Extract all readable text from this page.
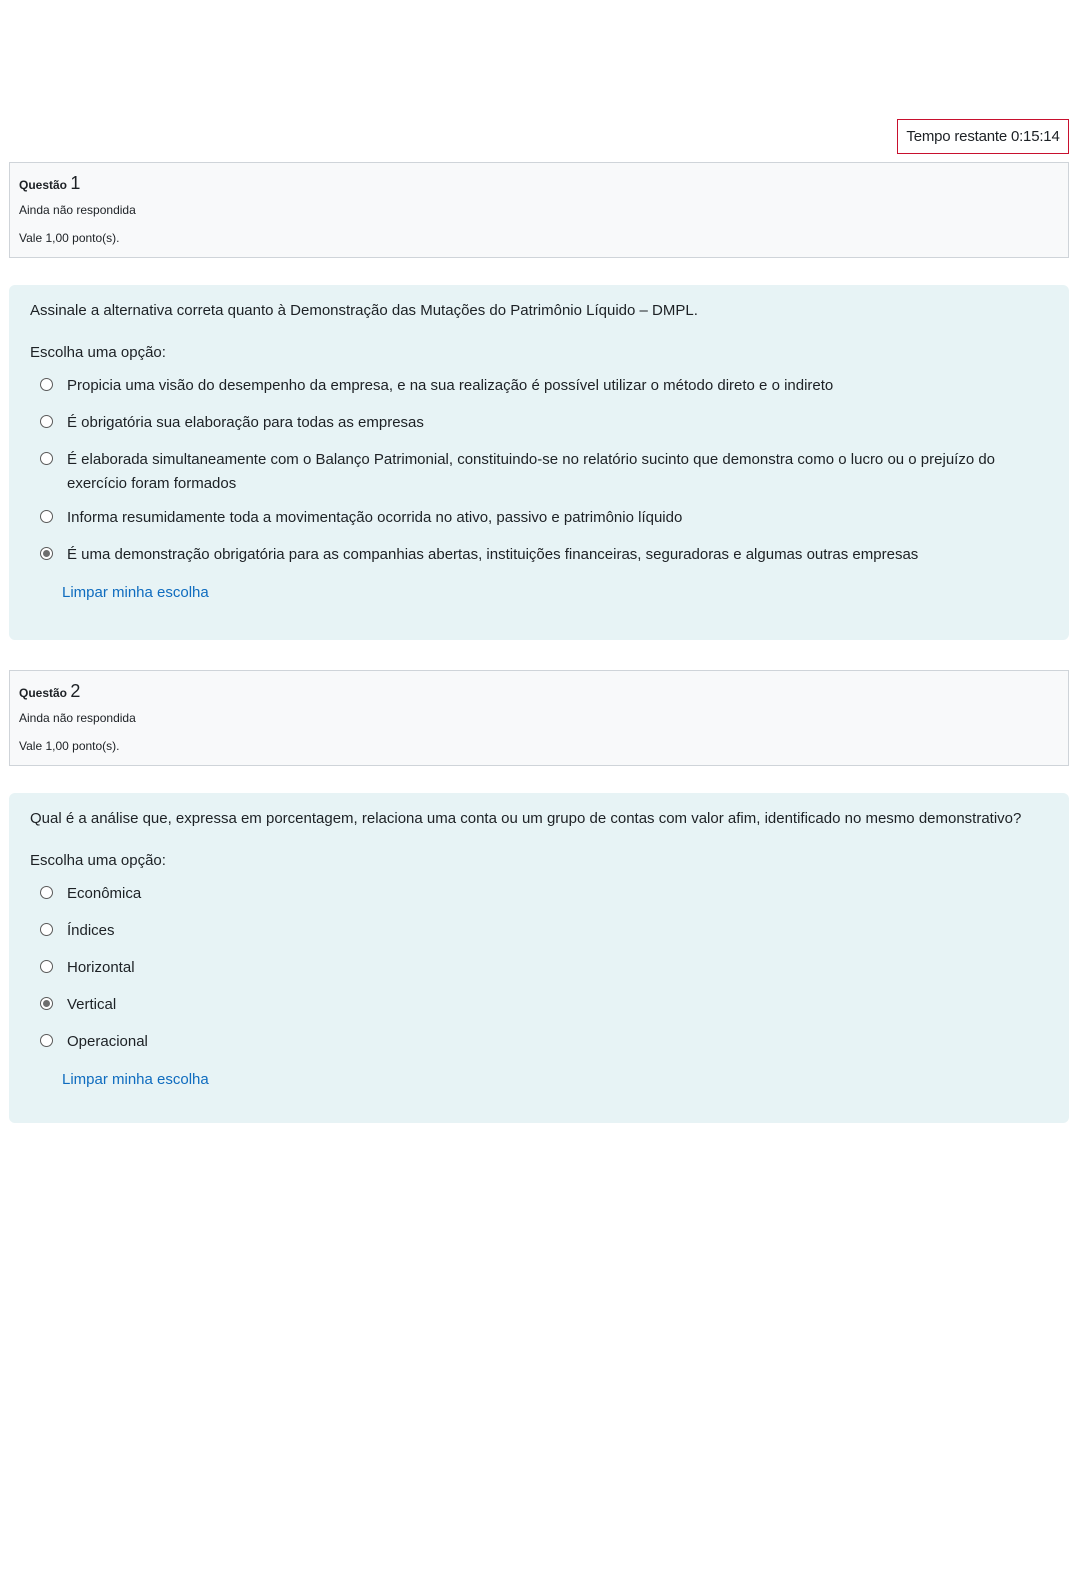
Tempo restante 0:15:14
Questão 1
Ainda não respondida
Vale 1,00 ponto(s).
Assinale a alternativa correta quanto à Demonstração das Mutações do Patrimônio Líquido – DMPL.
Escolha uma opção:
Propicia uma visão do desempenho da empresa, e na sua realização é possível utilizar o método direto e o indireto
É obrigatória sua elaboração para todas as empresas
É elaborada simultaneamente com o Balanço Patrimonial, constituindo-se no relatório sucinto que demonstra como o lucro ou o prejuízo do exercício foram formados
Informa resumidamente toda a movimentação ocorrida no ativo, passivo e patrimônio líquido
É uma demonstração obrigatória para as companhias abertas, instituições financeiras, seguradoras e algumas outras empresas
Limpar minha escolha
Questão 2
Ainda não respondida
Vale 1,00 ponto(s).
Qual é a análise que, expressa em porcentagem, relaciona uma conta ou um grupo de contas com valor afim, identificado no mesmo demonstrativo?
Escolha uma opção:
Econômica
Índices
Horizontal
Vertical
Operacional
Limpar minha escolha
